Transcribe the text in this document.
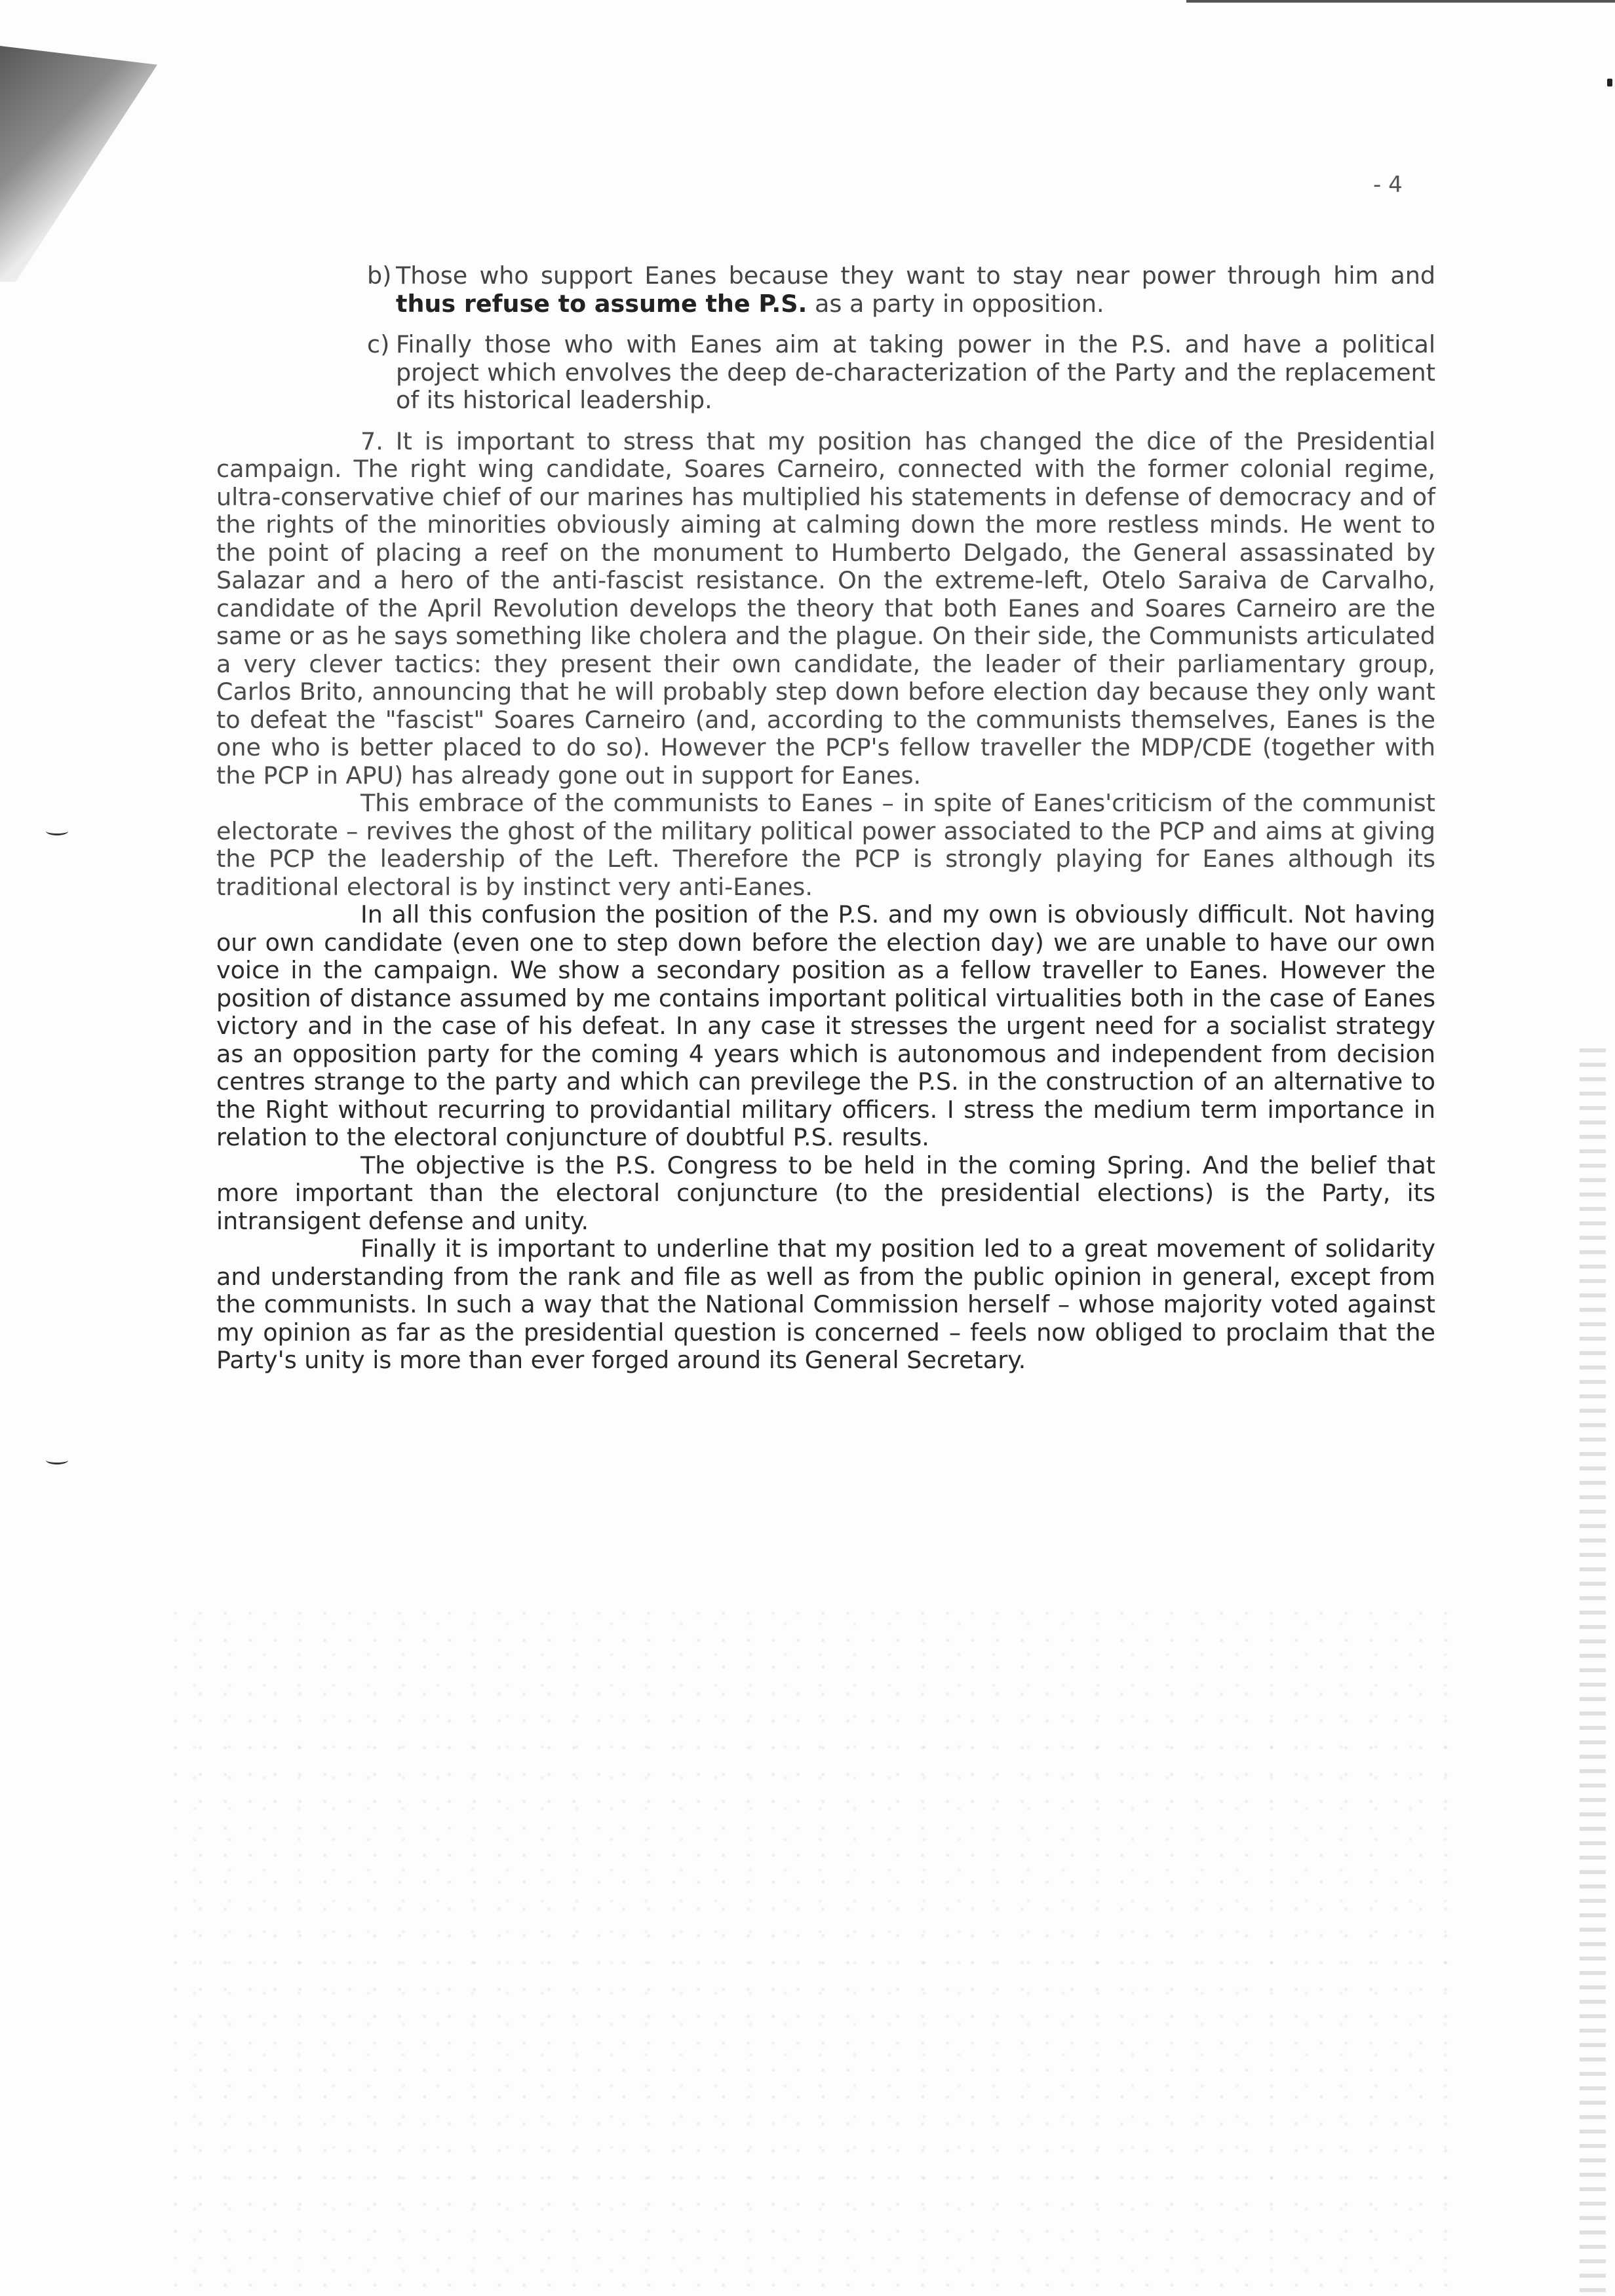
- 4
b) Those who support Eanes because they want to stay near power through him and thus refuse to assume the P.S. as a party in opposition.
c) Finally those who with Eanes aim at taking power in the P.S. and have a political project which envolves the deep de-characterization of the Party and the replacement of its historical leadership.

7. It is important to stress that my position has changed the dice of the Presidential campaign. The right wing candidate, Soares Carneiro, connected with the former colonial regime, ultra-conservative chief of our marines has multiplied his statements in defense of democracy and of the rights of the minorities obviously aiming at calming down the more restless minds. He went to the point of placing a reef on the monument to Humberto Delgado, the General assassinated by Salazar and a hero of the anti-fascist resistance. On the extreme-left, Otelo Saraiva de Carvalho, candidate of the April Revolution develops the theory that both Eanes and Soares Carneiro are the same or as he says something like cholera and the plague. On their side, the Communists articulated a very clever tactics: they present their own candidate, the leader of their parliamentary group, Carlos Brito, announcing that he will probably step down before election day because they only want to defeat the "fascist" Soares Carneiro (and, according to the communists themselves, Eanes is the one who is better placed to do so). However the PCP's fellow traveller the MDP/CDE (together with the PCP in APU) has already gone out in support for Eanes.

This embrace of the communists to Eanes – in spite of Eanes'criticism of the communist electorate – revives the ghost of the military political power associated to the PCP and aims at giving the PCP the leadership of the Left. Therefore the PCP is strongly playing for Eanes although its traditional electoral is by instinct very anti-Eanes.

In all this confusion the position of the P.S. and my own is obviously difficult. Not having our own candidate (even one to step down before the election day) we are unable to have our own voice in the campaign. We show a secondary position as a fellow traveller to Eanes. However the position of distance assumed by me contains important political virtualities both in the case of Eanes victory and in the case of his defeat. In any case it stresses the urgent need for a socialist strategy as an opposition party for the coming 4 years which is autonomous and independent from decision centres strange to the party and which can previlege the P.S. in the construction of an alternative to the Right without recurring to providantial military officers. I stress the medium term importance in relation to the electoral conjuncture of doubtful P.S. results.

The objective is the P.S. Congress to be held in the coming Spring. And the belief that more important than the electoral conjuncture (to the presidential elections) is the Party, its intransigent defense and unity.

Finally it is important to underline that my position led to a great movement of solidarity and understanding from the rank and file as well as from the public opinion in general, except from the communists. In such a way that the National Commission herself – whose majority voted against my opinion as far as the presidential question is concerned – feels now obliged to proclaim that the Party's unity is more than ever forged around its General Secretary.
